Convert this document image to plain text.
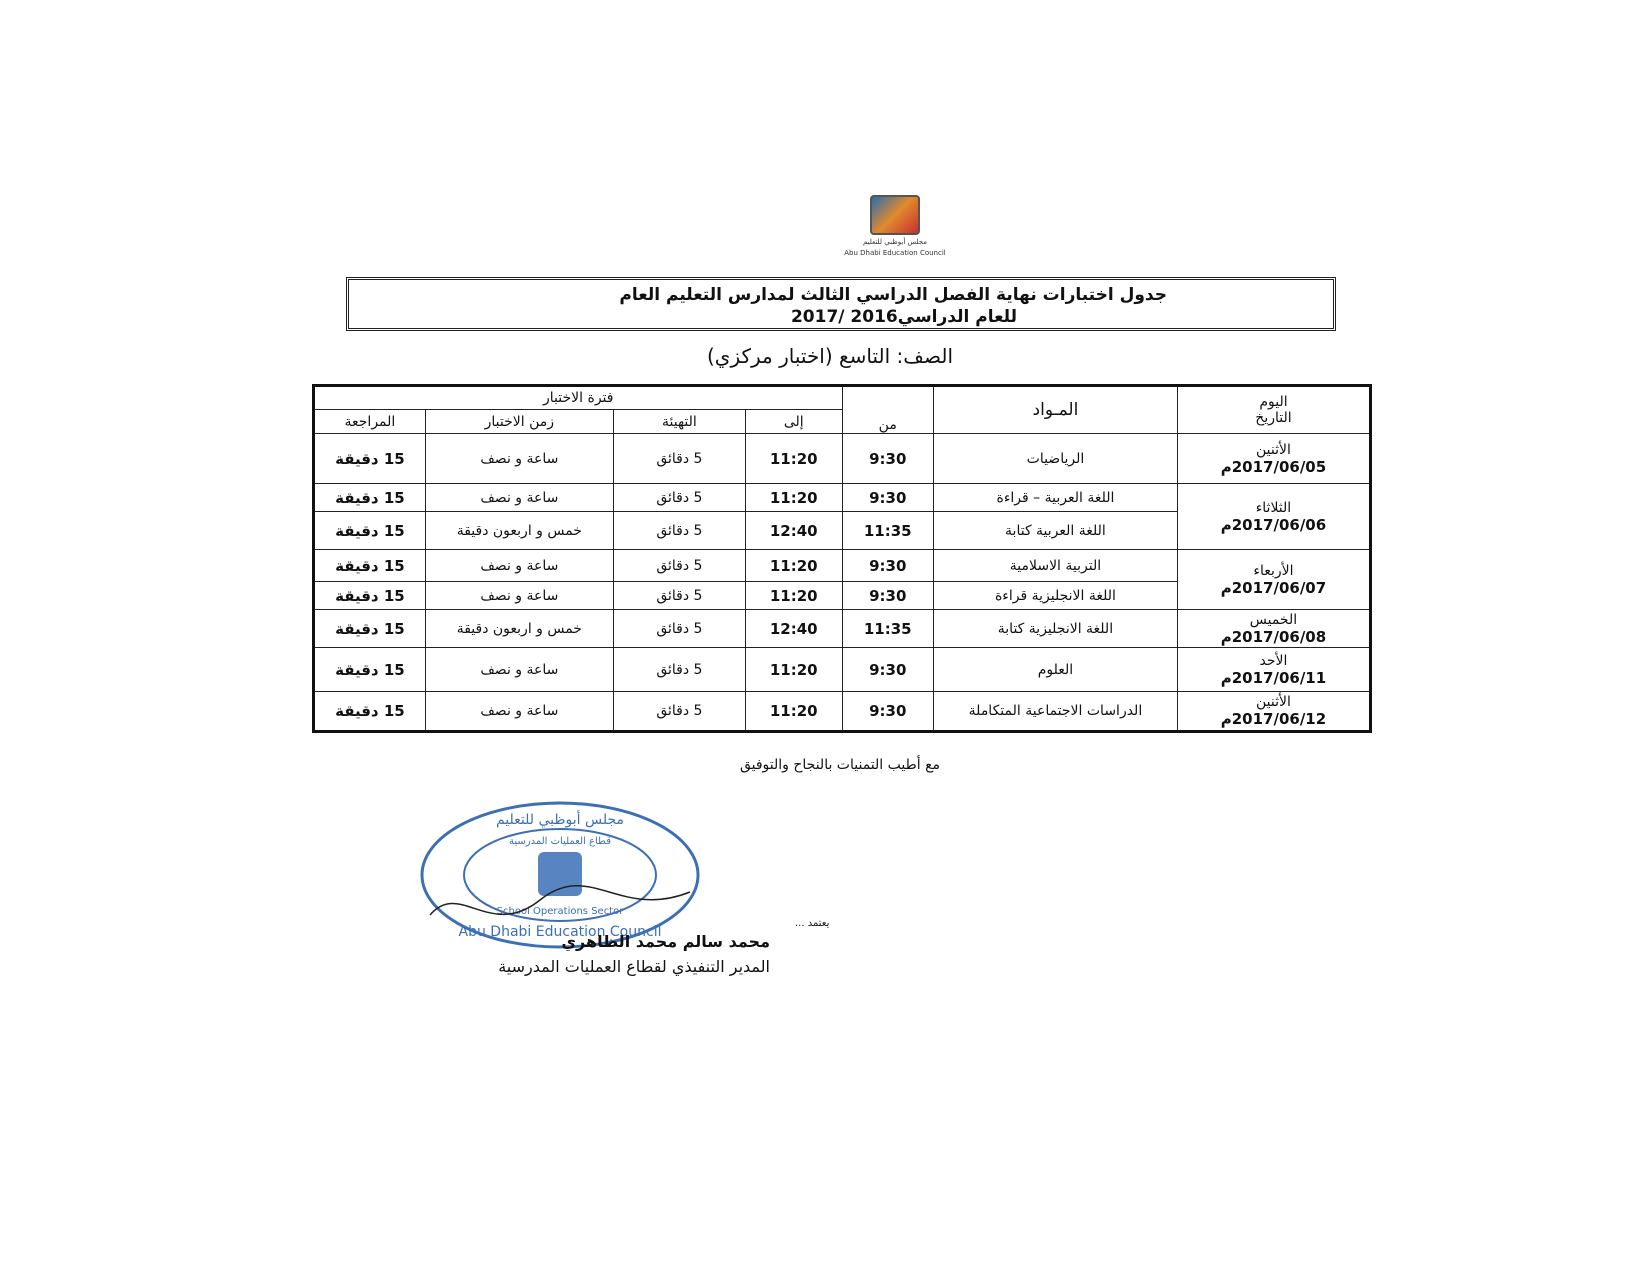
مجلس أبوظبي للتعليم
Abu Dhabi Education Council
جدول اختبارات نهاية الفصل الدراسي الثالث لمدارس التعليم العام
للعام الدراسي2016 /2017
الصف: التاسع (اختبار مركزي)
اليوم
التاريخ	المـواد	من	فترة الاختبار			
			إلى	التهيئة	زمن الاختبار	المراجعة

الأثنين
2017/06/05م	الرياضيات	9:30	11:20	5 دقائق	ساعة و نصف	15 دقيقة

الثلاثاء
2017/06/06م	اللغة العربية – قراءة	9:30	11:20	5 دقائق	ساعة و نصف	15 دقيقة
	اللغة العربية كتابة	11:35	12:40	5 دقائق	خمس و اربعون دقيقة	15 دقيقة

الأربعاء
2017/06/07م	التربية الاسلامية	9:30	11:20	5 دقائق	ساعة و نصف	15 دقيقة
	اللغة الانجليزية قراءة	9:30	11:20	5 دقائق	ساعة و نصف	15 دقيقة

الخميس
2017/06/08م	اللغة الانجليزية كتابة	11:35	12:40	5 دقائق	خمس و اربعون دقيقة	15 دقيقة

الأحد
2017/06/11م	العلوم	9:30	11:20	5 دقائق	ساعة و نصف	15 دقيقة

الأثنين
2017/06/12م	الدراسات الاجتماعية المتكاملة	9:30	11:20	5 دقائق	ساعة و نصف	15 دقيقة
مع أطيب التمنيات بالنجاح والتوفيق
مجلس أبوظبي للتعليم
قطاع العمليات المدرسية
School Operations Sector
Abu Dhabi Education Council
يعتمد ...
محمد سالم محمد الظاهري
المدير التنفيذي لقطاع العمليات المدرسية
